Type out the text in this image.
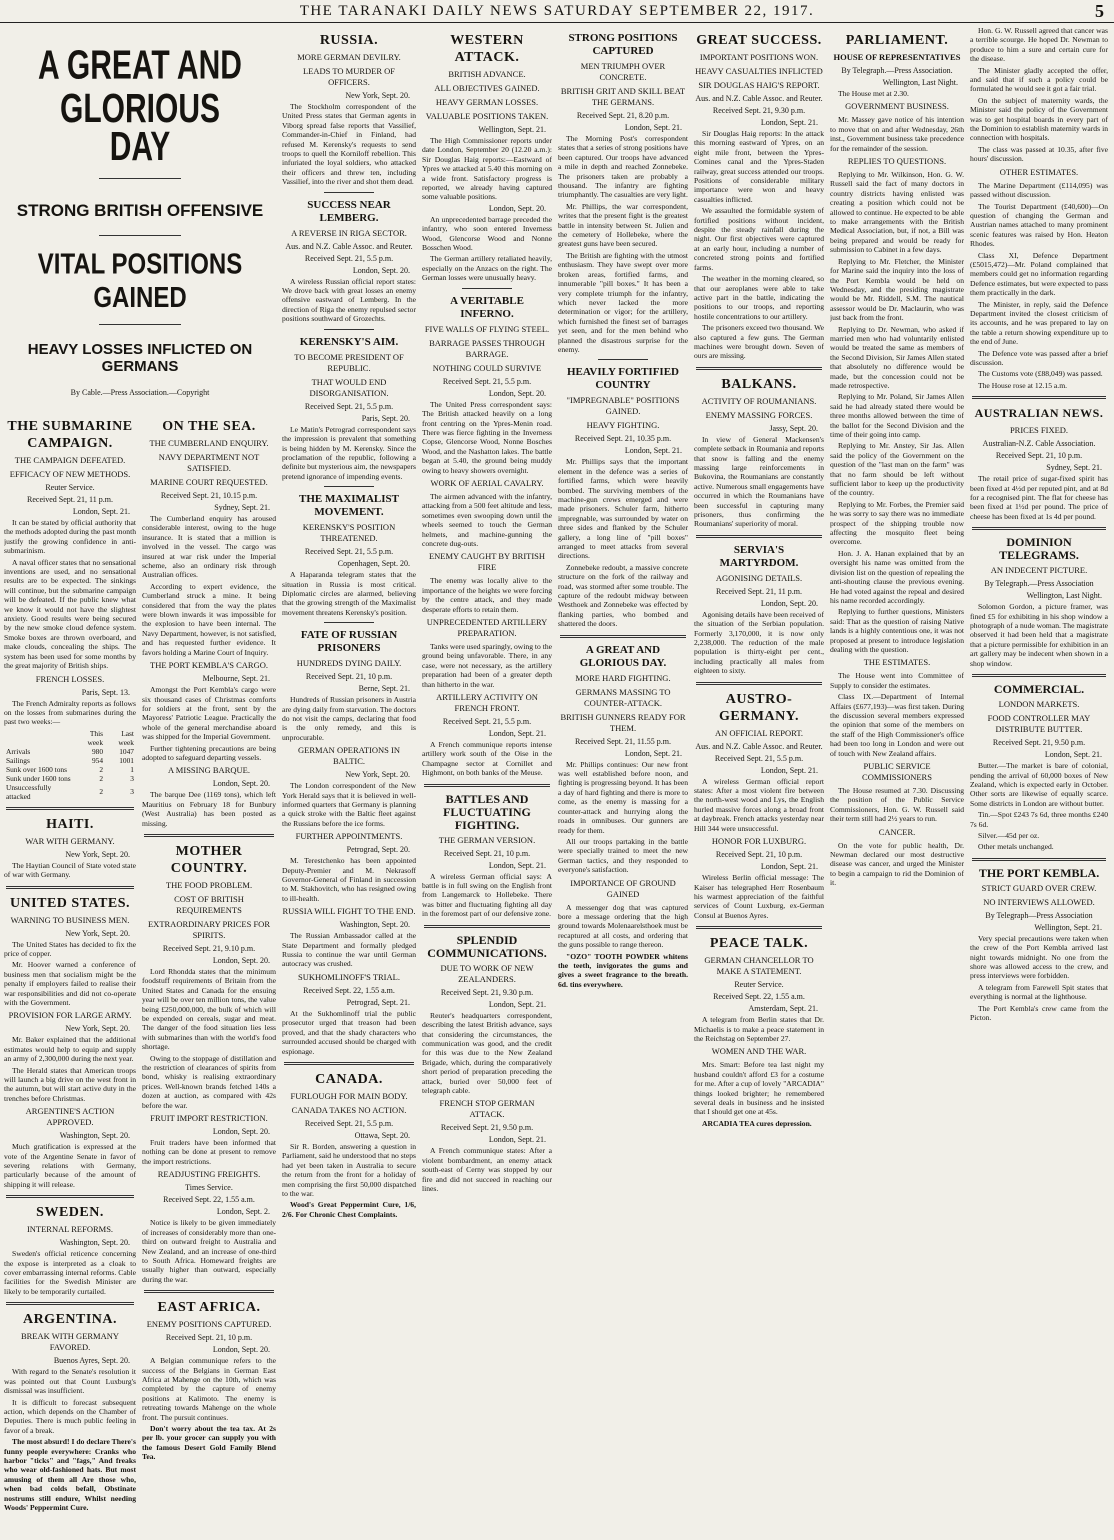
THE TARANAKI DAILY NEWS SATURDAY SEPTEMBER 22, 1917.	5
A GREAT AND GLORIOUS
DAY
STRONG BRITISH OFFENSIVE
VITAL POSITIONS GAINED
HEAVY LOSSES INFLICTED ON GERMANS
By Cable.—Press Association.—Copyright
THE SUBMARINE CAMPAIGN.
THE CAMPAIGN DEFEATED.
EFFICACY OF NEW METHODS.
Reuter Service.
Received Sept. 21, 11 p.m.
London, Sept. 21.

It can be stated by official authority that the methods adopted during the past month justify the growing confidence in anti-submarinism.

A naval officer states that no sensational inventions are used, and no sensational results are to be expected. The sinkings will continue, but the submarine campaign will be defeated. If the public knew what we know it would not have the slightest anxiety. Good results were being secured by the new smoke cloud defence system. Smoke boxes are thrown overboard, and make clouds, concealing the ships. The system has been used for some months by the great majority of British ships.

FRENCH LOSSES.
Paris, Sept. 13.

The French Admiralty reports as follows on the losses from submarines during the past two weeks:—

	This week	Last week
Arrivals	980	1047
Sailings	954	1001
Sunk over 1600 tons	2	1
Sunk under 1600 tons	2	3
Unsuccessfully attacked	2	3
HAITI.
WAR WITH GERMANY.
New York, Sept. 20.

The Haytian Council of State voted state of war with Germany.

UNITED STATES.
WARNING TO BUSINESS MEN.
New York, Sept. 20.

The United States has decided to fix the price of copper.

Mr. Hoover warned a conference of business men that socialism might be the penalty if employers failed to realise their war responsibilities and did not co-operate with the Government.

PROVISION FOR LARGE ARMY.
New York, Sept. 20.

Mr. Baker explained that the additional estimates would help to equip and supply an army of 2,300,000 during the next year.

The Herald states that American troops will launch a big drive on the west front in the autumn, but will start active duty in the trenches before Christmas.

ARGENTINE'S ACTION APPROVED.
Washington, Sept. 20.

Much gratification is expressed at the vote of the Argentine Senate in favor of severing relations with Germany, particularly because of the amount of shipping it will release.

SWEDEN.
INTERNAL REFORMS.
Washington, Sept. 20.

Sweden's official reticence concerning the expose is interpreted as a cloak to cover embarrassing internal reforms. Cable facilities for the Swedish Minister are likely to be temporarily curtailed.

ARGENTINA.
BREAK WITH GERMANY FAVORED.
Buenos Ayres, Sept. 20.

With regard to the Senate's resolution it was pointed out that Count Luxburg's dismissal was insufficient.

It is difficult to forecast subsequent action, which depends on the Chamber of Deputies. There is much public feeling in favor of a break.

The most absurd! I do declare There's funny people everywhere: Cranks who harbor "ticks" and "fags," And freaks who wear old-fashioned hats. But most amusing of them all Are those who, when bad colds befall, Obstinate nostrums still endure, Whilst needing Woods' Peppermint Cure.

ON THE SEA.
THE CUMBERLAND ENQUIRY.
NAVY DEPARTMENT NOT SATISFIED.
MARINE COURT REQUESTED.
Received Sept. 21, 10.15 p.m.
Sydney, Sept. 21.

The Cumberland enquiry has aroused considerable interest, owing to the huge insurance. It is stated that a million is involved in the vessel. The cargo was insured at war risk under the Imperial scheme, also an ordinary risk through Australian offices.

According to expert evidence, the Cumberland struck a mine. It being considered that from the way the plates were blown inwards it was impossible for the explosion to have been internal. The Navy Department, however, is not satisfied, and has requested further evidence. It favors holding a Marine Court of Inquiry.

THE PORT KEMBLA'S CARGO.
Melbourne, Sept. 21.

Amongst the Port Kembla's cargo were six thousand cases of Christmas comforts for soldiers at the front, sent by the Mayoress' Patriotic League. Practically the whole of the general merchandise aboard was shipped for the Imperial Government.

Further tightening precautions are being adopted to safeguard departing vessels.

A MISSING BARQUE.
London, Sept. 20.

The barque Dee (1169 tons), which left Mauritius on February 18 for Bunbury (West Australia) has been posted as missing.

MOTHER COUNTRY.
THE FOOD PROBLEM.
COST OF BRITISH REQUIREMENTS
EXTRAORDINARY PRICES FOR SPIRITS.
Received Sept. 21, 9.10 p.m.
London, Sept. 20.

Lord Rhondda states that the minimum foodstuff requirements of Britain from the United States and Canada for the ensuing year will be over ten million tons, the value being £250,000,000, the bulk of which will be expended on cereals, sugar and meat. The danger of the food situation lies less with submarines than with the world's food shortage.

Owing to the stoppage of distillation and the restriction of clearances of spirits from bond, whisky is realising extraordinary prices. Well-known brands fetched 140s a dozen at auction, as compared with 42s before the war.

FRUIT IMPORT RESTRICTION.
London, Sept. 20.

Fruit traders have been informed that nothing can be done at present to remove the import restrictions.

READJUSTING FREIGHTS.
Times Service.
Received Sept. 22, 1.55 a.m.
London, Sept. 2.

Notice is likely to be given immediately of increases of considerably more than one-third on outward freight to Australia and New Zealand, and an increase of one-third to South Africa. Homeward freights are usually higher than outward, especially during the war.

EAST AFRICA.
ENEMY POSITIONS CAPTURED.
Received Sept. 21, 10 p.m.
London, Sept. 20.

A Belgian communique refers to the success of the Belgians in German East Africa at Mahenge on the 10th, which was completed by the capture of enemy positions at Kalimoto. The enemy is retreating towards Mahenge on the whole front. The pursuit continues.

Don't worry about the tea tax. At 2s per lb. your grocer can supply you with the famous Desert Gold Family Blend Tea.

RUSSIA.
MORE GERMAN DEVILRY.
LEADS TO MURDER OF OFFICERS.
New York, Sept. 20.

The Stockholm correspondent of the United Press states that German agents in Viborg spread false reports that Vassilief, Commander-in-Chief in Finland, had refused M. Kerensky's requests to send troops to quell the Korniloff rebellion. This infuriated the loyal soldiers, who attacked their officers and threw ten, including Vassilief, into the river and shot them dead.

SUCCESS NEAR LEMBERG.
A REVERSE IN RIGA SECTOR.
Aus. and N.Z. Cable Assoc. and Reuter.
Received Sept. 21, 5.5 p.m.
London, Sept. 20.

A wireless Russian official report states: We drove back with great losses an enemy offensive eastward of Lemberg. In the direction of Riga the enemy repulsed sector positions southward of Grozechts.

KERENSKY'S AIM.
TO BECOME PRESIDENT OF REPUBLIC.
THAT WOULD END DISORGANISATION.
Received Sept. 21, 5.5 p.m.
Paris, Sept. 20.

Le Matin's Petrograd correspondent says the impression is prevalent that something is being hidden by M. Kerensky. Since the proclamation of the republic, following a definite but mysterious aim, the newspapers pretend ignorance of impending events.

THE MAXIMALIST MOVEMENT.
KERENSKY'S POSITION THREATENED.
Received Sept. 21, 5.5 p.m.
Copenhagen, Sept. 20.

A Haparanda telegram states that the situation in Russia is most critical. Diplomatic circles are alarmed, believing that the growing strength of the Maximalist movement threatens Kerensky's position.

FATE OF RUSSIAN PRISONERS
HUNDREDS DYING DAILY.
Received Sept. 21, 10 p.m.
Berne, Sept. 21.

Hundreds of Russian prisoners in Austria are dying daily from starvation. The doctors do not visit the camps, declaring that food is the only remedy, and this is unprocurable.

GERMAN OPERATIONS IN BALTIC.
New York, Sept. 20.

The London correspondent of the New York Herald says that it is believed in well-informed quarters that Germany is planning a quick stroke with the Baltic fleet against the Russians before the ice forms.

FURTHER APPOINTMENTS.
Petrograd, Sept. 20.

M. Terestchenko has been appointed Deputy-Premier and M. Nekrasoff Governor-General of Finland in succession to M. Stakhovitch, who has resigned owing to ill-health.

RUSSIA WILL FIGHT TO THE END.
Washington, Sept. 20.

The Russian Ambassador called at the State Department and formally pledged Russia to continue the war until German autocracy was crushed.

SUKHOMLINOFF'S TRIAL.
Received Sept. 22, 1.55 a.m.
Petrograd, Sept. 21.

At the Sukhomlinoff trial the public prosecutor urged that treason had been proved, and that the shady characters who surrounded accused should be charged with espionage.

CANADA.
FURLOUGH FOR MAIN BODY.
CANADA TAKES NO ACTION.
Received Sept. 21, 5.5 p.m.
Ottawa, Sept. 20.

Sir R. Borden, answering a question in Parliament, said he understood that no steps had yet been taken in Australia to secure the return from the front for a holiday of men comprising the first 50,000 dispatched to the war.

Wood's Great Peppermint Cure, 1/6, 2/6. For Chronic Chest Complaints.

WESTERN ATTACK.
BRITISH ADVANCE.
ALL OBJECTIVES GAINED.
HEAVY GERMAN LOSSES.
VALUABLE POSITIONS TAKEN.
Wellington, Sept. 21.

The High Commissioner reports under date London, September 20 (12.20 a.m.): Sir Douglas Haig reports:—Eastward of Ypres we attacked at 5.40 this morning on a wide front. Satisfactory progress is reported, we already having captured some valuable positions.

London, Sept. 20.

An unprecedented barrage preceded the infantry, who soon entered Inverness Wood, Glencorse Wood and Nonne Bosschen Wood.

The German artillery retaliated heavily, especially on the Anzacs on the right. The German losses were unusually heavy.

A VERITABLE INFERNO.
FIVE WALLS OF FLYING STEEL.
BARRAGE PASSES THROUGH BARRAGE.
NOTHING COULD SURVIVE
Received Sept. 21, 5.5 p.m.
London, Sept. 20.

The United Press correspondent says: The British attacked heavily on a long front centring on the Ypres-Menin road. There was fierce fighting in the Inverness Copse, Glencorse Wood, Nonne Bosches Wood, and the Nashatton lakes. The battle began at 5.40, the ground being muddy owing to heavy showers overnight.

WORK OF AERIAL CAVALRY.

The airmen advanced with the infantry, attacking from a 500 feet altitude and less, sometimes even swooping down until the wheels seemed to touch the German helmets, and machine-gunning the concrete dug-outs.

ENEMY CAUGHT BY BRITISH FIRE

The enemy was locally alive to the importance of the heights we were forcing by the centre attack, and they made desperate efforts to retain them.

UNPRECEDENTED ARTILLERY PREPARATION.

Tanks were used sparingly, owing to the ground being unfavorable. There, in any case, were not necessary, as the artillery preparation had been of a greater depth than hitherto in the war.

ARTILLERY ACTIVITY ON FRENCH FRONT.
Received Sept. 21, 5.5 p.m.
London, Sept. 21.

A French communique reports intense artillery work south of the Oise in the Champagne sector at Cornillet and Highmont, on both banks of the Meuse.

BATTLES AND FLUCTUATING FIGHTING.
THE GERMAN VERSION.
Received Sept. 21, 10 p.m.
London, Sept. 21.

A wireless German official says: A battle is in full swing on the English front from Langemarck to Hollebeke. There was bitter and fluctuating fighting all day in the foremost part of our defensive zone.

SPLENDID COMMUNICATIONS.
DUE TO WORK OF NEW ZEALANDERS.
Received Sept. 21, 9.30 p.m.
London, Sept. 21.

Reuter's headquarters correspondent, describing the latest British advance, says that considering the circumstances, the communication was good, and the credit for this was due to the New Zealand Brigade, which, during the comparatively short period of preparation preceding the attack, buried over 50,000 feet of telegraph cable.

FRENCH STOP GERMAN ATTACK.
Received Sept. 21, 9.50 p.m.
London, Sept. 21.

A French communique states: After a violent bombardment, an enemy attack south-east of Cerny was stopped by our fire and did not succeed in reaching our lines.

STRONG POSITIONS CAPTURED
MEN TRIUMPH OVER CONCRETE.
BRITISH GRIT AND SKILL BEAT THE GERMANS.
Received Sept. 21, 8.20 p.m.
London, Sept. 21.

The Morning Post's correspondent states that a series of strong positions have been captured. Our troops have advanced a mile in depth and reached Zonnebeke. The prisoners taken are probably a thousand. The infantry are fighting triumphantly. The casualties are very light.

Mr. Phillips, the war correspondent, writes that the present fight is the greatest battle in intensity between St. Julien and the cemetery of Hollebeke, where the greatest guns have been secured.

The British are fighting with the utmost enthusiasm. They have swept over more broken areas, fortified farms, and innumerable "pill boxes." It has been a very complete triumph for the infantry, which never lacked the more determination or vigor; for the artillery, which furnished the finest set of barrages yet seen, and for the men behind who planned the disastrous surprise for the enemy.

HEAVILY FORTIFIED COUNTRY
"IMPREGNABLE" POSITIONS GAINED.
HEAVY FIGHTING.
Received Sept. 21, 10.35 p.m.
London, Sept. 21.

Mr. Phillips says that the important element in the defence was a series of fortified farms, which were heavily bombed. The surviving members of the machine-gun crews emerged and were made prisoners. Schuler farm, hitherto impregnable, was surrounded by water on three sides and flanked by the Schuler gallery, a long line of "pill boxes" arranged to meet attacks from several directions.

Zonnebeke redoubt, a massive concrete structure on the fork of the railway and road, was stormed after some trouble. The capture of the redoubt midway between Westhoek and Zonnebeke was effected by flanking parties, who bombed and shattered the doors.

A GREAT AND GLORIOUS DAY.
MORE HARD FIGHTING.
GERMANS MASSING TO COUNTER-ATTACK.
BRITISH GUNNERS READY FOR THEM.
Received Sept. 21, 11.55 p.m.
London, Sept. 21.

Mr. Phillips continues: Our new front was well established before noon, and fighting is progressing beyond. It has been a day of hard fighting and there is more to come, as the enemy is massing for a counter-attack and hurrying along the roads in omnibuses. Our gunners are ready for them.

All our troops partaking in the battle were specially trained to meet the new German tactics, and they responded to everyone's satisfaction.

IMPORTANCE OF GROUND GAINED

A messenger dog that was captured bore a message ordering that the high ground towards Molenaarelsthoek must be recaptured at all costs, and ordering that the guns possible to range thereon.

"OZO" TOOTH POWDER whitens the teeth, invigorates the gums and gives a sweet fragrance to the breath. 6d. tins everywhere.

GREAT SUCCESS.
IMPORTANT POSITIONS WON.
HEAVY CASUALTIES INFLICTED
SIR DOUGLAS HAIG'S REPORT.
Aus. and N.Z. Cable Assoc. and Reuter.
Received Sept. 21, 9.30 p.m.
London, Sept. 21.

Sir Douglas Haig reports: In the attack this morning eastward of Ypres, on an eight mile front, between the Ypres-Comines canal and the Ypres-Staden railway, great success attended our troops. Positions of considerable military importance were won and heavy casualties inflicted.

We assaulted the formidable system of fortified positions without incident, despite the steady rainfall during the night. Our first objectives were captured at an early hour, including a number of concreted strong points and fortified farms.

The weather in the morning cleared, so that our aeroplanes were able to take active part in the battle, indicating the positions to our troops, and reporting hostile concentrations to our artillery.

The prisoners exceed two thousand. We also captured a few guns. The German machines were brought down. Seven of ours are missing.

BALKANS.
ACTIVITY OF ROUMANIANS.
ENEMY MASSING FORCES.
Jassy, Sept. 20.

In view of General Mackensen's complete setback in Roumania and reports that snow is falling and the enemy massing large reinforcements in Bukovina, the Roumanians are constantly active. Numerous small engagements have occurred in which the Roumanians have been successful in capturing many prisoners, thus confirming the Roumanians' superiority of moral.

SERVIA'S MARTYRDOM.
AGONISING DETAILS.
Received Sept. 21, 11 p.m.
London, Sept. 20.

Agonising details have been received of the situation of the Serbian population. Formerly 3,170,000, it is now only 2,238,000. The reduction of the male population is thirty-eight per cent., including practically all males from eighteen to sixty.

AUSTRO-GERMANY.
AN OFFICIAL REPORT.
Aus. and N.Z. Cable Assoc. and Reuter.
Received Sept. 21, 5.5 p.m.
London, Sept. 21.

A wireless German official report states: After a most violent fire between the north-west wood and Lys, the English hurled massive forces along a broad front at daybreak. French attacks yesterday near Hill 344 were unsuccessful.

HONOR FOR LUXBURG.
Received Sept. 21, 10 p.m.
London, Sept. 21.

Wireless Berlin official message: The Kaiser has telegraphed Herr Rosenbaum his warmest appreciation of the faithful services of Count Luxburg, ex-German Consul at Buenos Ayres.

PEACE TALK.
GERMAN CHANCELLOR TO MAKE A STATEMENT.
Reuter Service.
Received Sept. 22, 1.55 a.m.
Amsterdam, Sept. 21.

A telegram from Berlin states that Dr. Michaelis is to make a peace statement in the Reichstag on September 27.

WOMEN AND THE WAR.

Mrs. Smart: Before tea last night my husband couldn't afford £3 for a costume for me. After a cup of lovely "ARCADIA" things looked brighter; he remembered several deals in business and he insisted that I should get one at 45s.

ARCADIA TEA cures depression.

PARLIAMENT.
HOUSE OF REPRESENTATIVES
By Telegraph.—Press Association.
Wellington, Last Night.

The House met at 2.30.

GOVERNMENT BUSINESS.

Mr. Massey gave notice of his intention to move that on and after Wednesday, 26th inst., Government business take precedence for the remainder of the session.

REPLIES TO QUESTIONS.

Replying to Mr. Wilkinson, Hon. G. W. Russell said the fact of many doctors in country districts having enlisted was creating a position which could not be allowed to continue. He expected to be able to make arrangements with the British Medical Association, but, if not, a Bill was being prepared and would be ready for submission to Cabinet in a few days.

Replying to Mr. Fletcher, the Minister for Marine said the inquiry into the loss of the Port Kembla would be held on Wednesday, and the presiding magistrate would be Mr. Riddell, S.M. The nautical assessor would be Dr. Maclaurin, who was just back from the front.

Replying to Dr. Newman, who asked if married men who had voluntarily enlisted would be treated the same as members of the Second Division, Sir James Allen stated that absolutely no difference would be made, but the concession could not be made retrospective.

Replying to Mr. Poland, Sir James Allen said he had already stated there would be three months allowed between the time of the ballot for the Second Division and the time of their going into camp.

Replying to Mr. Anstey, Sir Jas. Allen said the policy of the Government on the question of the "last man on the farm" was that no farm should be left without sufficient labor to keep up the productivity of the country.

Replying to Mr. Forbes, the Premier said he was sorry to say there was no immediate prospect of the shipping trouble now affecting the mosquito fleet being overcome.

Hon. J. A. Hanan explained that by an oversight his name was omitted from the division list on the question of repealing the anti-shouting clause the previous evening. He had voted against the repeal and desired his name recorded accordingly.

Replying to further questions, Ministers said: That as the question of raising Native lands is a highly contentious one, it was not proposed at present to introduce legislation dealing with the question.

THE ESTIMATES.

The House went into Committee of Supply to consider the estimates.

Class IX.—Department of Internal Affairs (£677,193)—was first taken. During the discussion several members expressed the opinion that some of the members on the staff of the High Commissioner's office had been too long in London and were out of touch with New Zealand affairs.

PUBLIC SERVICE COMMISSIONERS

The House resumed at 7.30. Discussing the position of the Public Service Commissioners, Hon. G. W. Russell said their term still had 2½ years to run.

CANCER.

On the vote for public health, Dr. Newman declared our most destructive disease was cancer, and urged the Minister to begin a campaign to rid the Dominion of it.

Hon. G. W. Russell agreed that cancer was a terrible scourge. He hoped Dr. Newman to produce to him a sure and certain cure for the disease.

The Minister gladly accepted the offer, and said that if such a policy could be formulated he would see it got a fair trial.

On the subject of maternity wards, the Minister said the policy of the Government was to get hospital boards in every part of the Dominion to establish maternity wards in connection with hospitals.

The class was passed at 10.35, after five hours' discussion.

OTHER ESTIMATES.

The Marine Department (£114,095) was passed without discussion.

The Tourist Department (£40,600)—On question of changing the German and Austrian names attached to many prominent scenic features was raised by Hon. Heaton Rhodes.

Class XI, Defence Department (£5015,472)—Mr. Poland complained that members could get no information regarding Defence estimates, but were expected to pass them practically in the dark.

The Minister, in reply, said the Defence Department invited the closest criticism of its accounts, and he was prepared to lay on the table a return showing expenditure up to the end of June.

The Defence vote was passed after a brief discussion.

The Customs vote (£88,049) was passed.

The House rose at 12.15 a.m.

AUSTRALIAN NEWS.
PRICES FIXED.
Australian-N.Z. Cable Association.
Received Sept. 21, 10 p.m.
Sydney, Sept. 21.

The retail price of sugar-fixed spirit has been fixed at 4½d per reputed pint, and at 8d for a recognised pint. The flat for cheese has been fixed at 1½d per pound. The price of cheese has been fixed at 1s 4d per pound.

DOMINION TELEGRAMS.
AN INDECENT PICTURE.
By Telegraph.—Press Association
Wellington, Last Night.

Solomon Gordon, a picture framer, was fined £5 for exhibiting in his shop window a photograph of a nude woman. The magistrate observed it had been held that a magistrate that a picture permissible for exhibition in an art gallery may be indecent when shown in a shop window.

COMMERCIAL.
LONDON MARKETS.
FOOD CONTROLLER MAY DISTRIBUTE BUTTER.
Received Sept. 21, 9.50 p.m.
London, Sept. 21.

Butter.—The market is bare of colonial, pending the arrival of 60,000 boxes of New Zealand, which is expected early in October. Other sorts are likewise of equally scarce. Some districts in London are without butter.

Tin.—Spot £243 7s 6d, three months £240 7s 6d.

Silver.—45d per oz.

Other metals unchanged.

THE PORT KEMBLA.
STRICT GUARD OVER CREW.
NO INTERVIEWS ALLOWED.
By Telegraph—Press Association
Wellington, Sept. 21.

Very special precautions were taken when the crew of the Port Kembla arrived last night towards midnight. No one from the shore was allowed access to the crew, and press interviews were forbidden.

A telegram from Farewell Spit states that everything is normal at the lighthouse.

The Port Kembla's crew came from the Picton.
